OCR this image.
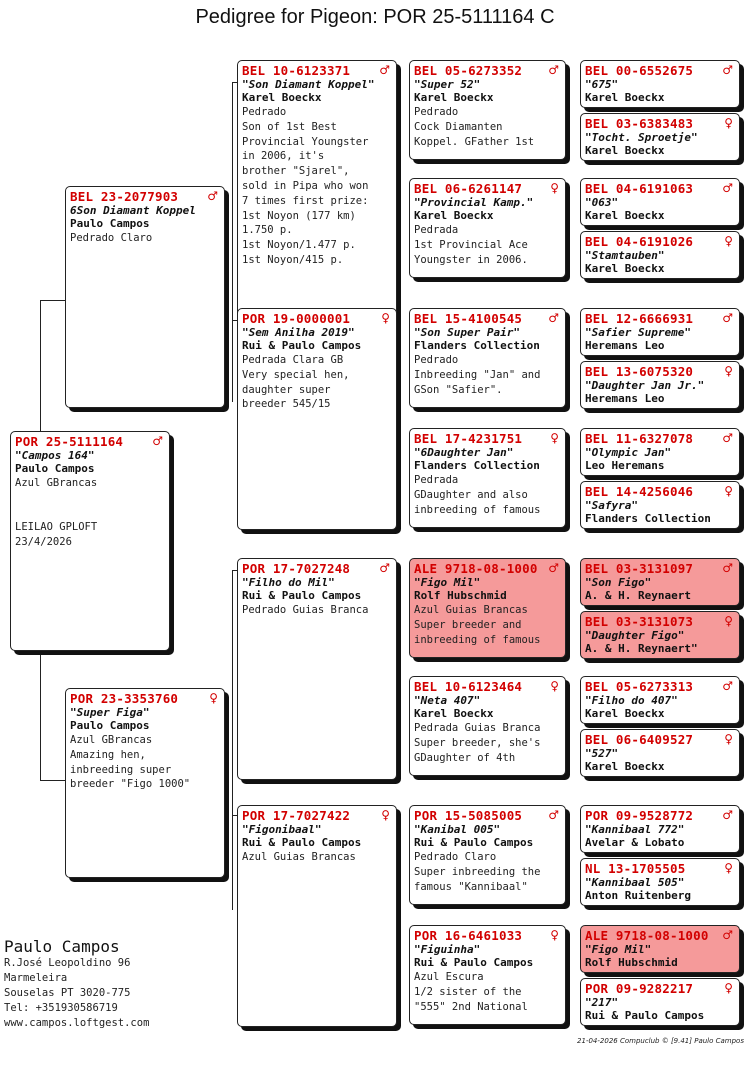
Pedigree for Pigeon: POR 25-5111164 C
POR 25-5111164	♂
"Campos 164"
Paulo Campos
Azul GBrancas

LEILAO GPLOFT
23/4/2026
BEL 23-2077903	♂
6Son Diamant Koppel
Paulo Campos
Pedrado Claro
POR 23-3353760	♀
"Super Figa"
Paulo Campos
Azul GBrancas
Amazing hen,
inbreeding super
breeder "Figo 1000"
BEL 10-6123371	♂
"Son Diamant Koppel"
Karel Boeckx
Pedrado
Son of 1st Best
Provincial Youngster
in 2006, it's
brother "Sjarel",
sold in Pipa who won
7 times first prize:
1st Noyon (177 km)
1.750 p.
1st Noyon/1.477 p.
1st Noyon/415 p.
POR 19-0000001	♀
"Sem Anilha 2019"
Rui & Paulo Campos
Pedrada Clara GB
Very special hen,
daughter super
breeder 545/15
POR 17-7027248	♂
"Filho do Mil"
Rui & Paulo Campos
Pedrado Guias Branca
POR 17-7027422	♀
"Figonibaal"
Rui & Paulo Campos
Azul Guias Brancas
BEL 05-6273352	♂
"Super 52"
Karel Boeckx
Pedrado
Cock Diamanten
Koppel. GFather 1st
BEL 06-6261147	♀
"Provincial Kamp."
Karel Boeckx
Pedrada
1st Provincial Ace
Youngster in 2006.
BEL 15-4100545	♂
"Son Super Pair"
Flanders Collection
Pedrado
Inbreeding "Jan" and
GSon "Safier".
BEL 17-4231751	♀
"6Daughter Jan"
Flanders Collection
Pedrada
GDaughter and also
inbreeding of famous
ALE 9718-08-1000 ♂
"Figo Mil"
Rolf Hubschmid
Azul Guias Brancas
Super breeder and
inbreeding of famous
BEL 10-6123464	♀
"Neta 407"
Karel Boeckx
Pedrada Guias Branca
Super breeder, she's
GDaughter of 4th
POR 15-5085005	♂
"Kanibal 005"
Rui & Paulo Campos
Pedrado Claro
Super inbreeding the
famous "Kannibaal"
POR 16-6461033	♀
"Figuinha"
Rui & Paulo Campos
Azul Escura
1/2 sister of the
"555" 2nd National
BEL 00-6552675	♂
"675"
Karel Boeckx
BEL 03-6383483	♀
"Tocht. Sproetje"
Karel Boeckx
BEL 04-6191063	♂
"063"
Karel Boeckx
BEL 04-6191026	♀
"Stamtauben"
Karel Boeckx
BEL 12-6666931	♂
"Safier Supreme"
Heremans Leo
BEL 13-6075320	♀
"Daughter Jan Jr."
Heremans Leo
BEL 11-6327078	♂
"Olympic Jan"
Leo Heremans
BEL 14-4256046	♀
"Safyra"
Flanders Collection
BEL 03-3131097	♂
"Son Figo"
A. & H. Reynaert
BEL 03-3131073	♀
"Daughter Figo"
A. & H. Reynaert"
BEL 05-6273313	♂
"Filho do 407"
Karel Boeckx
BEL 06-6409527	♀
"527"
Karel Boeckx
POR 09-9528772	♂
"Kannibaal 772"
Avelar & Lobato
NL 13-1705505	♀
"Kannibaal 505"
Anton Ruitenberg
ALE 9718-08-1000	♂
"Figo Mil"
Rolf Hubschmid
POR 09-9282217	♀
"217"
Rui & Paulo Campos
Paulo Campos
R.José Leopoldino 96
Marmeleira
Souselas PT 3020-775
Tel: +351930586719
www.campos.loftgest.com
21-04-2026 Compuclub © [9.41] Paulo Campos
